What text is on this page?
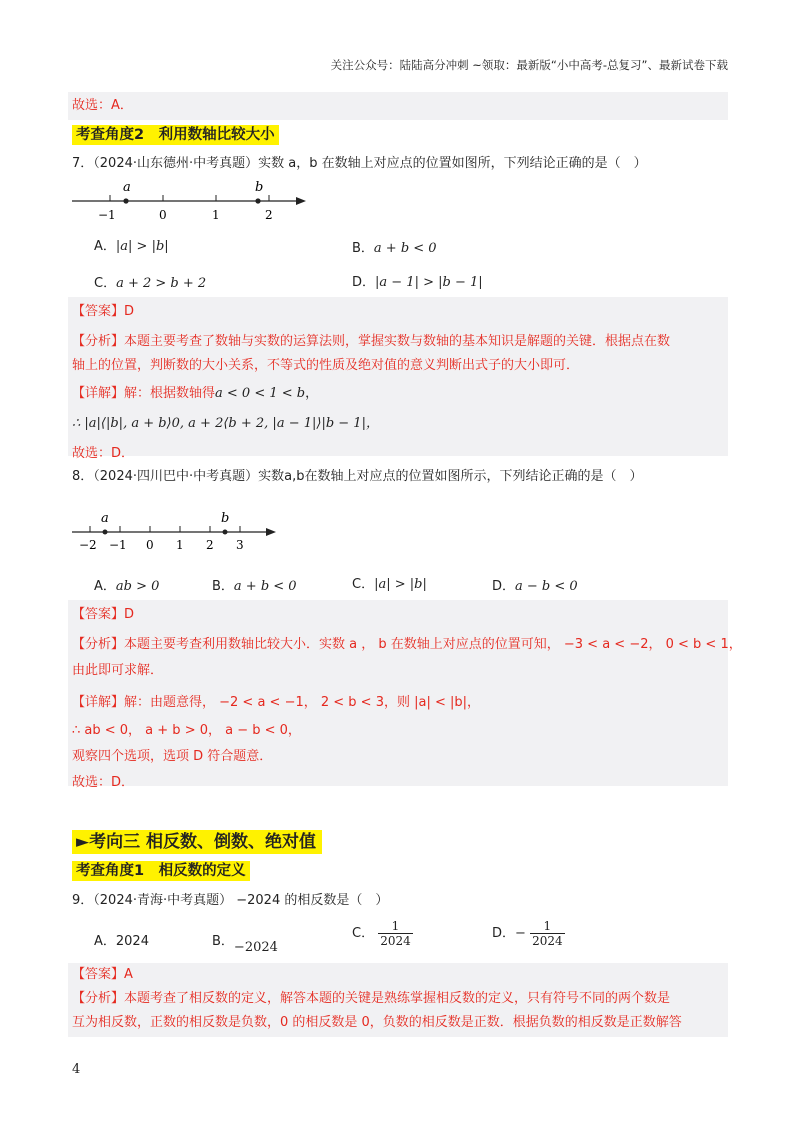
关注公众号：陆陆高分冲刺 ~领取：最新版“小中高考-总复习”、最新试卷下载
故选：A．
考查角度2　利用数轴比较大小
7．（2024·山东德州·中考真题）实数 a，b 在数轴上对应点的位置如图所，下列结论正确的是（　）
a	b
−1	0	1	2
A．|a| > |b|	B．a + b < 0
C．a + 2 > b + 2	D．|a − 1| > |b − 1|
【答案】D
【分析】本题主要考查了数轴与实数的运算法则，掌握实数与数轴的基本知识是解题的关键．根据点在数
轴上的位置，判断数的大小关系，不等式的性质及绝对值的意义判断出式子的大小即可．
【详解】解：根据数轴得a < 0 < 1 < b，
∴ |a|⟨|b|, a + b⟩0, a + 2⟨b + 2, |a − 1|⟩|b − 1|，
故选：D．
8．（2024·四川巴中·中考真题）实数a,b在数轴上对应点的位置如图所示，下列结论正确的是（　）
a	b
−2 −1 0 1 2 3
A．ab > 0	B．a + b < 0	C．|a| > |b|	D．a − b < 0
【答案】D
【分析】本题主要考查利用数轴比较大小．实数 a ， b 在数轴上对应点的位置可知， −3 < a < −2， 0 < b < 1，
由此即可求解．
【详解】解：由题意得， −2 < a < −1， 2 < b < 3，则 |a| < |b|，
∴ ab < 0， a + b > 0， a − b < 0，
观察四个选项，选项 D 符合题意．
故选：D．
►考向三 相反数、倒数、绝对值
考查角度1　相反数的定义
9．（2024·青海·中考真题） −2024 的相反数是（　）
A．2024	B．−2024
C． $\frac{1}{2024}$	D．− $\frac{1}{2024}$
【答案】A
【分析】本题考查了相反数的定义，解答本题的关键是熟练掌握相反数的定义，只有符号不同的两个数是
互为相反数，正数的相反数是负数，0 的相反数是 0，负数的相反数是正数．根据负数的相反数是正数解答
4
